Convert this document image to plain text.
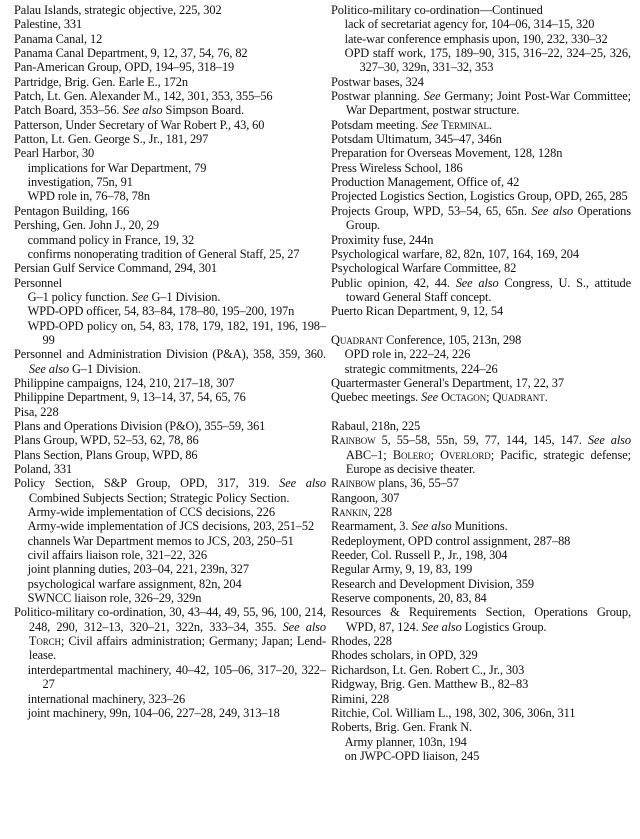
Palau Islands, strategic objective, 225, 302
Palestine, 331
Panama Canal, 12
Panama Canal Department, 9, 12, 37, 54, 76, 82
Pan-American Group, OPD, 194–95, 318–19
Partridge, Brig. Gen. Earle E., 172n
Patch, Lt. Gen. Alexander M., 142, 301, 353, 355–56
Patch Board, 353–56. See also Simpson Board.
Patterson, Under Secretary of War Robert P., 43, 60
Patton, Lt. Gen. George S., Jr., 181, 297
Pearl Harbor, 30
implications for War Department, 79
investigation, 75n, 91
WPD role in, 76–78, 78n
Pentagon Building, 166
Pershing, Gen. John J., 20, 29
command policy in France, 19, 32
confirms nonoperating tradition of General Staff, 25, 27
Persian Gulf Service Command, 294, 301
Personnel
G–1 policy function. See G–1 Division.
WPD-OPD officer, 54, 83–84, 178–80, 195–200, 197n
WPD-OPD policy on, 54, 83, 178, 179, 182, 191, 196, 198–99
Personnel and Administration Division (P&A), 358, 359, 360. See also G–1 Division.
Philippine campaigns, 124, 210, 217–18, 307
Philippine Department, 9, 13–14, 37, 54, 65, 76
Pisa, 228
Plans and Operations Division (P&O), 355–59, 361
Plans Group, WPD, 52–53, 62, 78, 86
Plans Section, Plans Group, WPD, 86
Poland, 331
Policy Section, S&P Group, OPD, 317, 319. See also Combined Subjects Section; Strategic Policy Section.
Army-wide implementation of CCS decisions, 226
Army-wide implementation of JCS decisions, 203, 251–52
channels War Department memos to JCS, 203, 250–51
civil affairs liaison role, 321–22, 326
joint planning duties, 203–04, 221, 239n, 327
psychological warfare assignment, 82n, 204
SWNCC liaison role, 326–29, 329n
Politico-military co-ordination, 30, 43–44, 49, 55, 96, 100, 214, 248, 290, 312–13, 320–21, 322n, 333–34, 355. See also Torch; Civil affairs administration; Germany; Japan; Lend-lease.
interdepartmental machinery, 40–42, 105–06, 317–20, 322–27
international machinery, 323–26
joint machinery, 99n, 104–06, 227–28, 249, 313–18
Politico-military co-ordination—Continued
lack of secretariat agency for, 104–06, 314–15, 320
late-war conference emphasis upon, 190, 232, 330–32
OPD staff work, 175, 189–90, 315, 316–22, 324–25, 326, 327–30, 329n, 331–32, 353
Postwar bases, 324
Postwar planning. See Germany; Joint Post-War Committee; War Department, postwar structure.
Potsdam meeting. See Terminal.
Potsdam Ultimatum, 345–47, 346n
Preparation for Overseas Movement, 128, 128n
Press Wireless School, 186
Production Management, Office of, 42
Projected Logistics Section, Logistics Group, OPD, 265, 285
Projects Group, WPD, 53–54, 65, 65n. See also Operations Group.
Proximity fuse, 244n
Psychological warfare, 82, 82n, 107, 164, 169, 204
Psychological Warfare Committee, 82
Public opinion, 42, 44. See also Congress, U. S., attitude toward General Staff concept.
Puerto Rican Department, 9, 12, 54
Quadrant Conference, 105, 213n, 298
OPD role in, 222–24, 226
strategic commitments, 224–26
Quartermaster General's Department, 17, 22, 37
Quebec meetings. See Octagon; Quadrant.
Rabaul, 218n, 225
Rainbow 5, 55–58, 55n, 59, 77, 144, 145, 147. See also ABC–1; Bolero; Overlord; Pacific, strategic defense; Europe as decisive theater.
Rainbow plans, 36, 55–57
Rangoon, 307
Rankin, 228
Rearmament, 3. See also Munitions.
Redeployment, OPD control assignment, 287–88
Reeder, Col. Russell P., Jr., 198, 304
Regular Army, 9, 19, 83, 199
Research and Development Division, 359
Reserve components, 20, 83, 84
Resources & Requirements Section, Operations Group, WPD, 87, 124. See also Logistics Group.
Rhodes, 228
Rhodes scholars, in OPD, 329
Richardson, Lt. Gen. Robert C., Jr., 303
Ridgway, Brig. Gen. Matthew B., 82–83
Rimini, 228
Ritchie, Col. William L., 198, 302, 306, 306n, 311
Roberts, Brig. Gen. Frank N.
Army planner, 103n, 194
on JWPC-OPD liaison, 245
